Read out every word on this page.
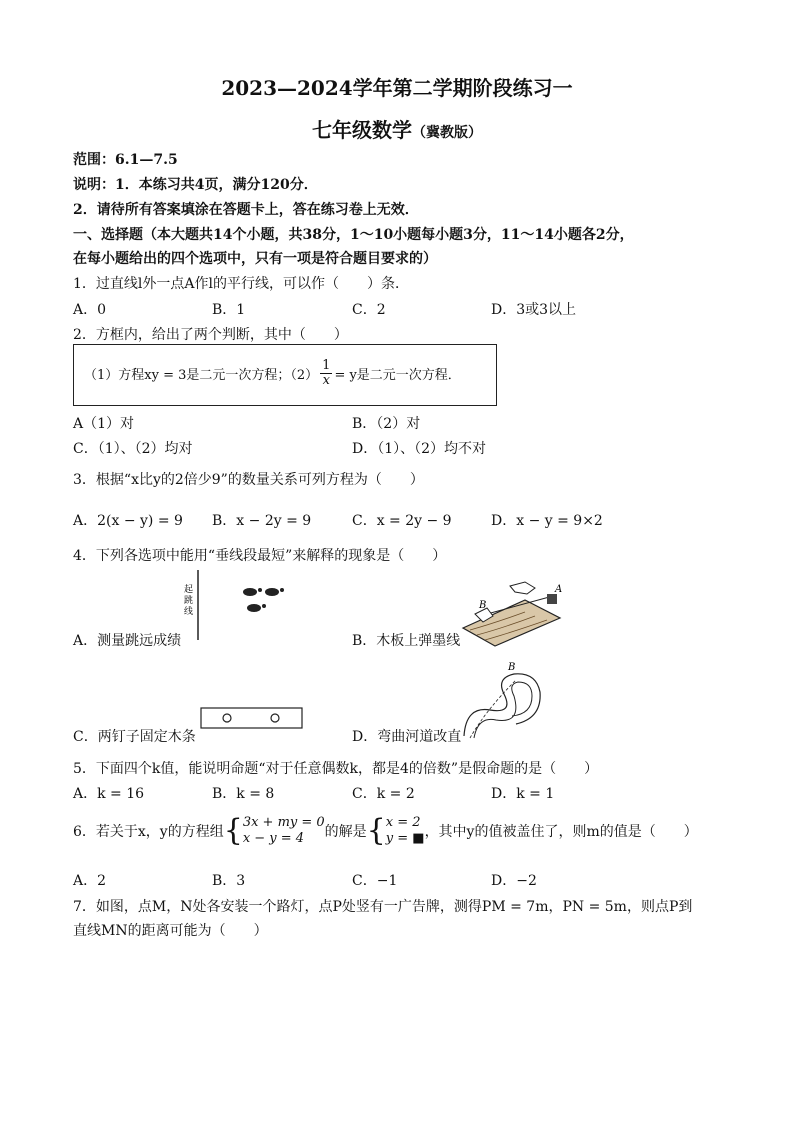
2023—2024学年第二学期阶段练习一
七年级数学（冀教版）
范围：6.1—7.5
说明：1．本练习共4页，满分120分．
2．请待所有答案填涂在答题卡上，答在练习卷上无效．
一、选择题（本大题共14个小题，共38分，1～10小题每小题3分，11～14小题各2分，
在每小题给出的四个选项中，只有一项是符合题目要求的）
1．过直线l外一点A作l的平行线，可以作（　　）条．
A．0	B．1	C．2	D．3或3以上
2．方框内，给出了两个判断，其中（　　）
（1）方程xy = 3是二元一次方程；$(2) \frac{1}{x} = y$是二元一次方程．
A（1）对	B．（2）对
C．（1）、（2）均对	D．（1）、（2）均不对
3．根据“x比y的2倍少9”的数量关系可列方程为（　　）
A．2(x − y) = 9 B．x − 2y = 9	C．x = 2y − 9	D．x − y = 9×2
4．下列各选项中能用“垂线段最短”来解释的现象是（　　）
起
跳
线
A．测量跳远成绩
B
A
B．木板上弹墨线
C．两钉子固定木条
B
D．弯曲河道改直
5．下面四个k值，能说明命题“对于任意偶数k，都是4的倍数”是假命题的是（　　）
A．k = 16	B．k = 8	C．k = 2	D．k = 1
6．若关于x，y的方程组 { 3x + my = 0
x − y = 4	的解是 { x = 2
y = ■ ，其中y的值被盖住了，则m的值是（　　）
A．2	B．3	C．−1	D．−2
7．如图，点M，N处各安装一个路灯，点P处竖有一广告牌，测得PM = 7m，PN = 5m，则点P到
直线MN的距离可能为（　　）
